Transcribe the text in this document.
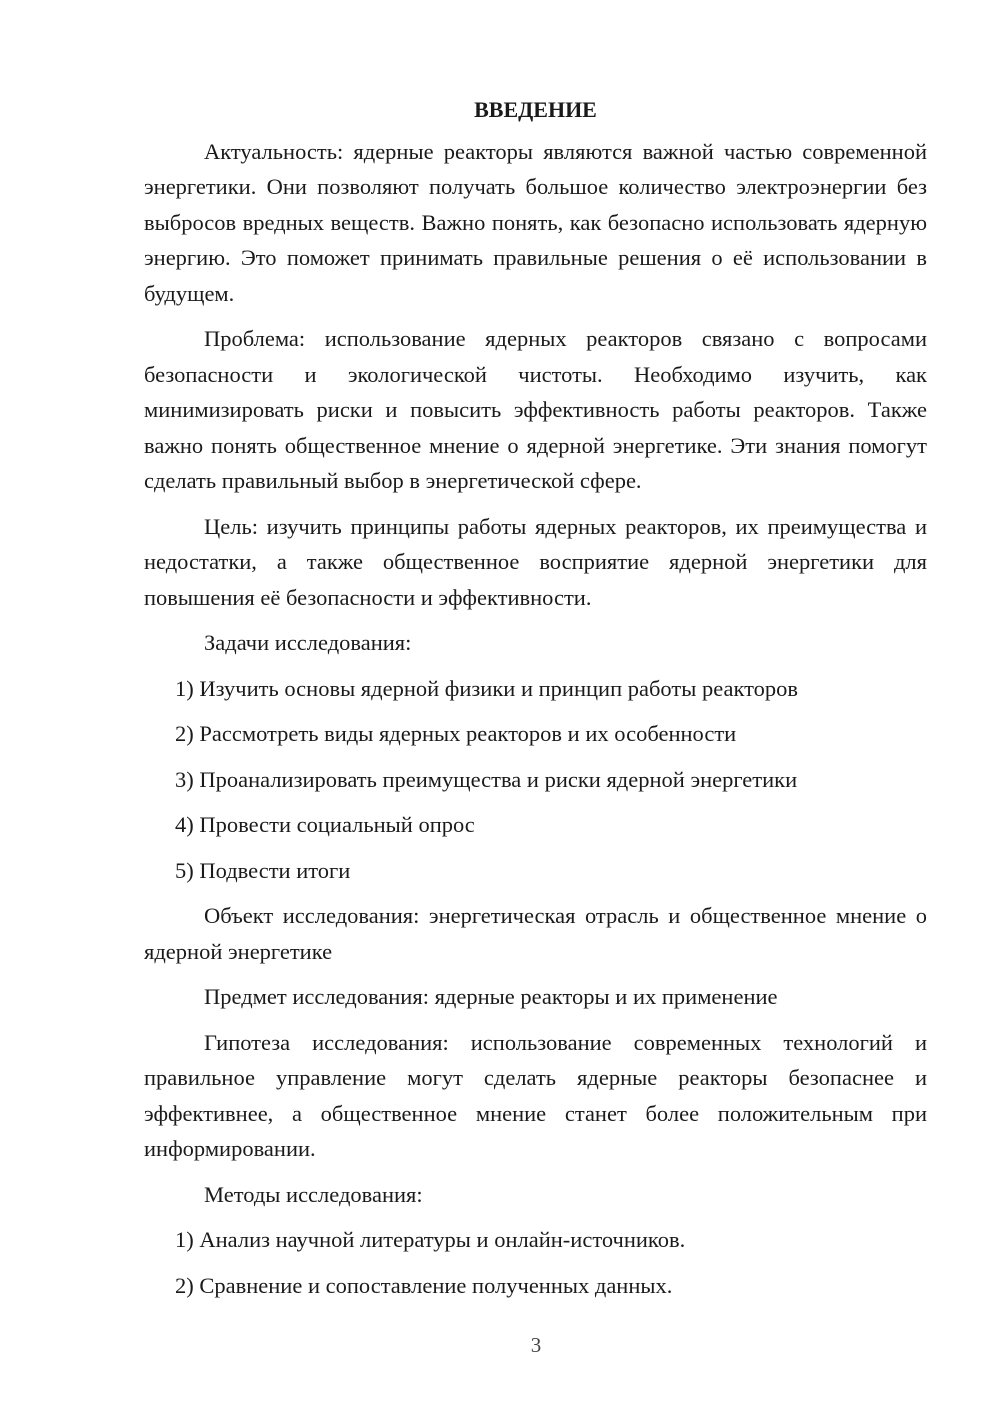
ВВЕДЕНИЕ

Актуальность: ядерные реакторы являются важной частью современной энергетики. Они позволяют получать большое количество электроэнергии без выбросов вредных веществ. Важно понять, как безопасно использовать ядерную энергию. Это поможет принимать правильные решения о её использовании в будущем.

Проблема: использование ядерных реакторов связано с вопросами безопасности и экологической чистоты. Необходимо изучить, как минимизировать риски и повысить эффективность работы реакторов. Также важно понять общественное мнение о ядерной энергетике. Эти знания помогут сделать правильный выбор в энергетической сфере.

Цель: изучить принципы работы ядерных реакторов, их преимущества и недостатки, а также общественное восприятие ядерной энергетики для повышения её безопасности и эффективности.

Задачи исследования:

1) Изучить основы ядерной физики и принцип работы реакторов
2) Рассмотреть виды ядерных реакторов и их особенности
3) Проанализировать преимущества и риски ядерной энергетики
4) Провести социальный опрос
5) Подвести итоги

Объект исследования: энергетическая отрасль и общественное мнение о ядерной энергетике

Предмет исследования: ядерные реакторы и их применение

Гипотеза исследования: использование современных технологий и правильное управление могут сделать ядерные реакторы безопаснее и эффективнее, а общественное мнение станет более положительным при информировании.

Методы исследования:

1) Анализ научной литературы и онлайн-источников.
2) Сравнение и сопоставление полученных данных.
3
